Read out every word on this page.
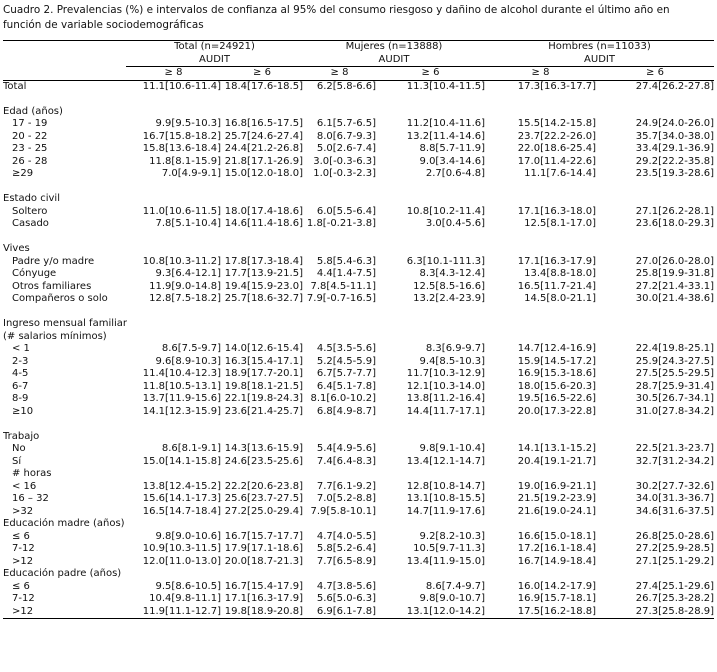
Cuadro 2. Prevalencias (%) e intervalos de confianza al 95% del consumo riesgoso y dañino de alcohol durante el último año en función de variable sociodemográficas

	Total (n=24921)		Mujeres (n=13888)		Hombres (n=11033)	
	AUDIT		AUDIT		AUDIT	
	≥ 8	≥ 6	≥ 8	≥ 6	≥ 8	≥ 6
Total	11.1[10.6-11.4]	18.4[17.6-18.5]	6.2[5.8-6.6]	11.3[10.4-11.5]	17.3[16.3-17.7]	27.4[26.2-27.8]

Edad (años)						
17 - 19	9.9[9.5-10.3]	16.8[16.5-17.5]	6.1[5.7-6.5]	11.2[10.4-11.6]	15.5[14.2-15.8]	24.9[24.0-26.0]
20 - 22	16.7[15.8-18.2]	25.7[24.6-27.4]	8.0[6.7-9.3]	13.2[11.4-14.6]	23.7[22.2-26.0]	35.7[34.0-38.0]
23 - 25	15.8[13.6-18.4]	24.4[21.2-26.8]	5.0[2.6-7.4]	8.8[5.7-11.9]	22.0[18.6-25.4]	33.4[29.1-36.9]
26 - 28	11.8[8.1-15.9]	21.8[17.1-26.9]	3.0[-0.3-6.3]	9.0[3.4-14.6]	17.0[11.4-22.6]	29.2[22.2-35.8]
≥29	7.0[4.9-9.1]	15.0[12.0-18.0]	1.0[-0.3-2.3]	2.7[0.6-4.8]	11.1[7.6-14.4]	23.5[19.3-28.6]

Estado civil						
Soltero	11.0[10.6-11.5]	18.0[17.4-18.6]	6.0[5.5-6.4]	10.8[10.2-11.4]	17.1[16.3-18.0]	27.1[26.2-28.1]
Casado	7.8[5.1-10.4]	14.6[11.4-18.6]	1.8[-0.21-3.8]	3.0[0.4-5.6]	12.5[8.1-17.0]	23.6[18.0-29.3]

Vives						
Padre y/o madre	10.8[10.3-11.2]	17.8[17.3-18.4]	5.8[5.4-6.3]	6.3[10.1-111.3]	17.1[16.3-17.9]	27.0[26.0-28.0]
Cónyuge	9.3[6.4-12.1]	17.7[13.9-21.5]	4.4[1.4-7.5]	8.3[4.3-12.4]	13.4[8.8-18.0]	25.8[19.9-31.8]
Otros familiares	11.9[9.0-14.8]	19.4[15.9-23.0]	7.8[4.5-11.1]	12.5[8.5-16.6]	16.5[11.7-21.4]	27.2[21.4-33.1]
Compañeros o solo	12.8[7.5-18.2]	25.7[18.6-32.7]	7.9[-0.7-16.5]	13.2[2.4-23.9]	14.5[8.0-21.1]	30.0[21.4-38.6]

Ingreso mensual familiar						
(# salarios mínimos)						
< 1	8.6[7.5-9.7]	14.0[12.6-15.4]	4.5[3.5-5.6]	8.3[6.9-9.7]	14.7[12.4-16.9]	22.4[19.8-25.1]
2-3	9.6[8.9-10.3]	16.3[15.4-17.1]	5.2[4.5-5.9]	9.4[8.5-10.3]	15.9[14.5-17.2]	25.9[24.3-27.5]
4-5	11.4[10.4-12.3]	18.9[17.7-20.1]	6.7[5.7-7.7]	11.7[10.3-12.9]	16.9[15.3-18.6]	27.5[25.5-29.5]
6-7	11.8[10.5-13.1]	19.8[18.1-21.5]	6.4[5.1-7.8]	12.1[10.3-14.0]	18.0[15.6-20.3]	28.7[25.9-31.4]
8-9	13.7[11.9-15.6]	22.1[19.8-24.3]	8.1[6.0-10.2]	13.8[11.2-16.4]	19.5[16.5-22.6]	30.5[26.7-34.1]
≥10	14.1[12.3-15.9]	23.6[21.4-25.7]	6.8[4.9-8.7]	14.4[11.7-17.1]	20.0[17.3-22.8]	31.0[27.8-34.2]

Trabajo						
No	8.6[8.1-9.1]	14.3[13.6-15.9]	5.4[4.9-5.6]	9.8[9.1-10.4]	14.1[13.1-15.2]	22.5[21.3-23.7]
Sí	15.0[14.1-15.8]	24.6[23.5-25.6]	7.4[6.4-8.3]	13.4[12.1-14.7]	20.4[19.1-21.7]	32.7[31.2-34.2]
# horas						
< 16	13.8[12.4-15.2]	22.2[20.6-23.8]	7.7[6.1-9.2]	12.8[10.8-14.7]	19.0[16.9-21.1]	30.2[27.7-32.6]
16 – 32	15.6[14.1-17.3]	25.6[23.7-27.5]	7.0[5.2-8.8]	13.1[10.8-15.5]	21.5[19.2-23.9]	34.0[31.3-36.7]
>32	16.5[14.7-18.4]	27.2[25.0-29.4]	7.9[5.8-10.1]	14.7[11.9-17.6]	21.6[19.0-24.1]	34.6[31.6-37.5]
Educación madre (años)						
≤ 6	9.8[9.0-10.6]	16.7[15.7-17.7]	4.7[4.0-5.5]	9.2[8.2-10.3]	16.6[15.0-18.1]	26.8[25.0-28.6]
7-12	10.9[10.3-11.5]	17.9[17.1-18.6]	5.8[5.2-6.4]	10.5[9.7-11.3]	17.2[16.1-18.4]	27.2[25.9-28.5]
>12	12.0[11.0-13.0]	20.0[18.7-21.3]	7.7[6.5-8.9]	13.4[11.9-15.0]	16.7[14.9-18.4]	27.1[25.1-29.2]
Educación padre (años)						
≤ 6	9.5[8.6-10.5]	16.7[15.4-17.9]	4.7[3.8-5.6]	8.6[7.4-9.7]	16.0[14.2-17.9]	27.4[25.1-29.6]
7-12	10.4[9.8-11.1]	17.1[16.3-17.9]	5.6[5.0-6.3]	9.8[9.0-10.7]	16.9[15.7-18.1]	26.7[25.3-28.2]
>12	11.9[11.1-12.7]	19.8[18.9-20.8]	6.9[6.1-7.8]	13.1[12.0-14.2]	17.5[16.2-18.8]	27.3[25.8-28.9]
